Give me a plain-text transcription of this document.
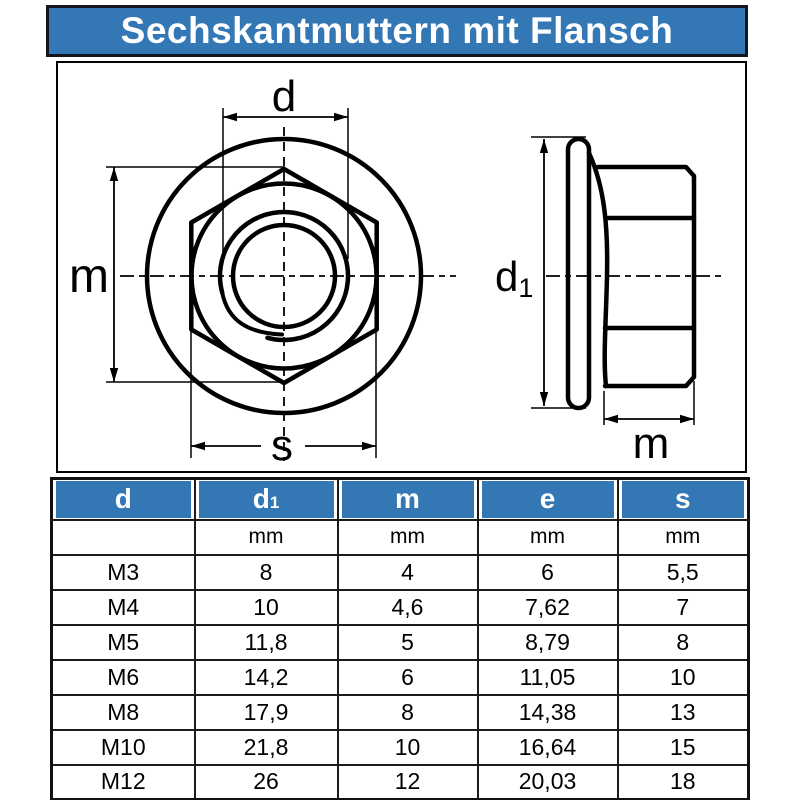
Sechskantmuttern mit Flansch
d
m
s
d1
m
d	d 1	m	e	s

	mm	mm	mm	mm
M3	8	4	6	5,5
M4	10	4,6	7,62	7
M5	11,8	5	8,79	8
M6	14,2	6	11,05	10
M8	17,9	8	14,38	13
M10	21,8	10	16,64	15
M12	26	12	20,03	18
